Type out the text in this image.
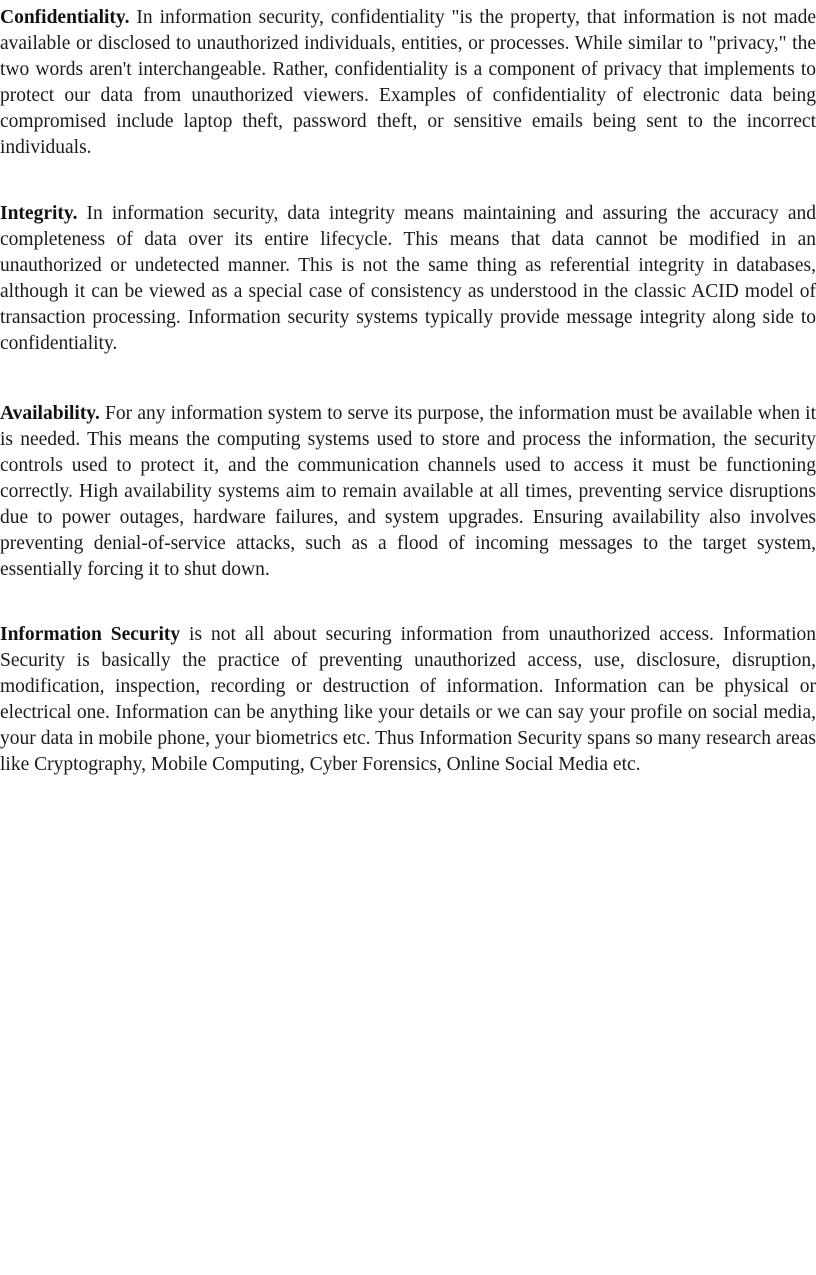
Confidentiality. In information security, confidentiality "is the property, that information is not made available or disclosed to unauthorized individuals, entities, or processes. While similar to "privacy," the two words aren't interchangeable. Rather, confidentiality is a component of privacy that implements to protect our data from unauthorized viewers. Examples of confidentiality of electronic data being compromised include laptop theft, password theft, or sensitive emails being sent to the incorrect individuals.

Integrity. In information security, data integrity means maintaining and assuring the accuracy and completeness of data over its entire lifecycle. This means that data cannot be modified in an unauthorized or undetected manner. This is not the same thing as referential integrity in databases, although it can be viewed as a special case of consistency as understood in the classic ACID model of transaction processing. Information security systems typically provide message integrity along side to confidentiality.

Availability. For any information system to serve its purpose, the information must be available when it is needed. This means the computing systems used to store and process the information, the security controls used to protect it, and the communication channels used to access it must be functioning correctly. High availability systems aim to remain available at all times, preventing service disruptions due to power outages, hardware failures, and system upgrades. Ensuring availability also involves preventing denial-of-service attacks, such as a flood of incoming messages to the target system, essentially forcing it to shut down.

Information Security is not all about securing information from unauthorized access. Information Security is basically the practice of preventing unauthorized access, use, disclosure, disruption, modification, inspection, recording or destruction of information. Information can be physical or electrical one. Information can be anything like your details or we can say your profile on social media, your data in mobile phone, your biometrics etc. Thus Information Security spans so many research areas like Cryptography, Mobile Computing, Cyber Forensics, Online Social Media etc.
